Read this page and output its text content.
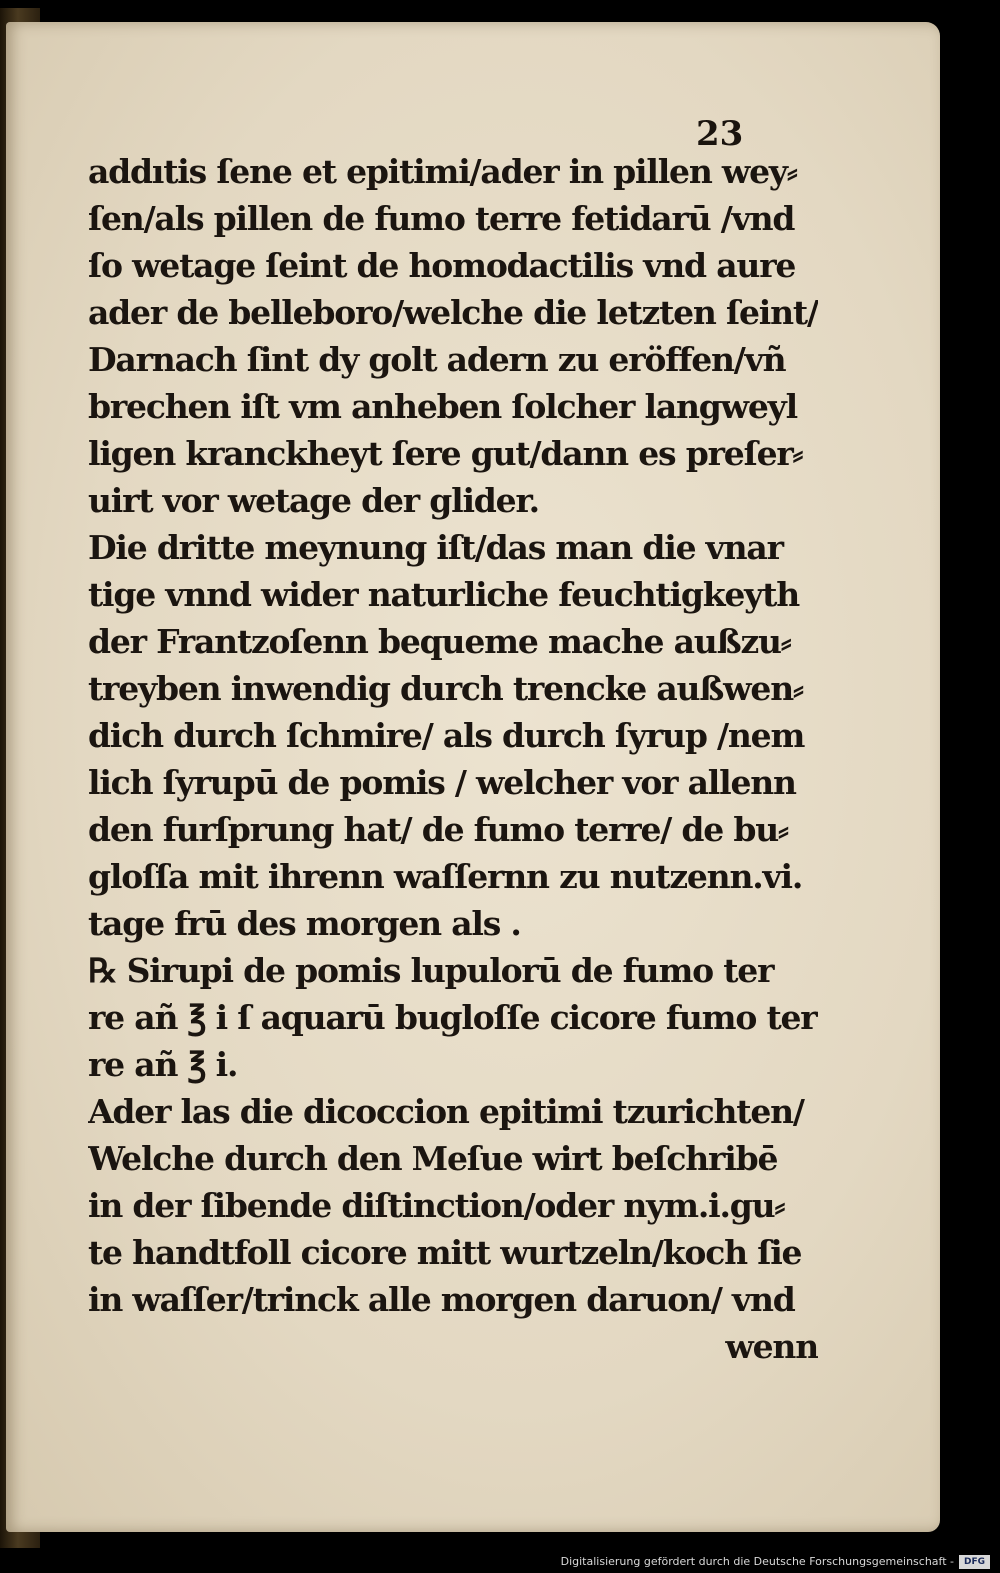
23

addıtis ſene et epitimi/ader in pillen wey⸗
ſen/als pillen de fumo terre fetidarū /vnd
ſo wetage ſeint de homodactilis vnd aure
ader de belleboro/welche die letzten ſeint/
Darnach ſint dy golt adern zu eröffen/vñ
brechen iſt vm anheben ſolcher langweyl
ligen kranckheyt ſere gut/dann es preſer⸗
uirt vor wetage der glider.
Die dritte meynung iſt/das man die vnar
tige vnnd wider naturliche feuchtigkeyth
der Frantzoſenn bequeme mache außzu⸗
treyben inwendig durch trencke außwen⸗
dich durch ſchmire/ als durch ſyrup /nem
lich ſyrupū de pomis / welcher vor allenn
den furſprung hat/ de fumo terre/ de bu⸗
gloſſa mit ihrenn waſſernn zu nutzenn.vi.
tage frū des morgen als .
℞ Sirupi de pomis lupulorū de fumo ter
re añ ℥ i ſ aquarū bugloſſe cicore fumo ter
re añ ℥ i.
Ader las die dicoccion epitimi tzurichten/
Welche durch den Meſue wirt beſchribē
in der ſibende diſtinction/oder nym.i.gu⸗
te handtfoll cicore mitt wurtzeln/koch ſie
in waſſer/trinck alle morgen daruon/ vnd
wenn
Digitalisierung gefördert durch die Deutsche Forschungsgemeinschaft -	DFG
